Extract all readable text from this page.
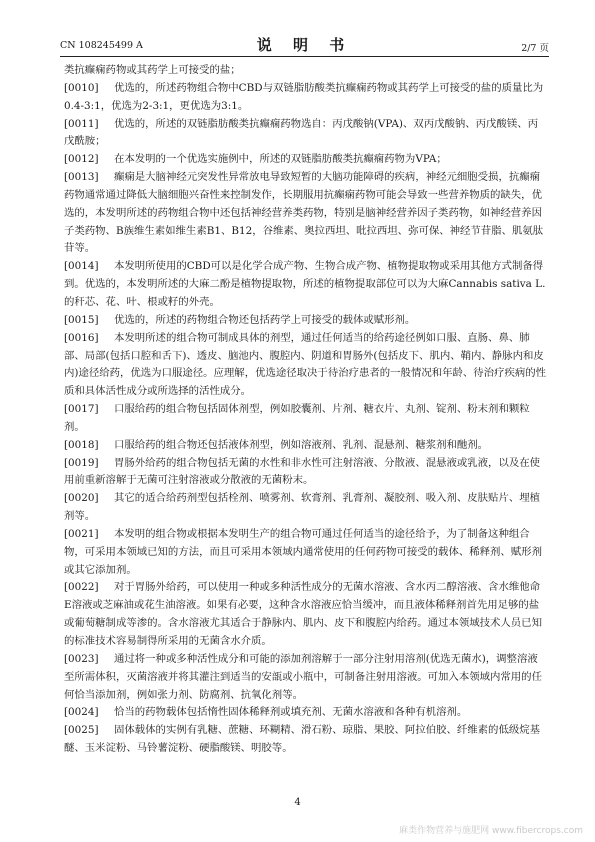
CN 108245499 A	说 明 书	2/7 页
类抗癫痫药物或其药学上可接受的盐；
[0010] 优选的，所述药物组合物中CBD与双链脂肪酸类抗癫痫药物或其药学上可接受的盐的质量比为0.4-3:1，优选为2-3:1，更优选为3:1。
[0011] 优选的，所述的双链脂肪酸类抗癫痫药物选自：丙戊酸钠(VPA)、双丙戊酸钠、丙戊酸镁、丙戊酰胺；
[0012] 在本发明的一个优选实施例中，所述的双链脂肪酸类抗癫痫药物为VPA；
[0013] 癫痫是大脑神经元突发性异常放电导致短暂的大脑功能障碍的疾病，神经元细胞受损，抗癫痫药物通常通过降低大脑细胞兴奋性来控制发作，长期服用抗癫痫药物可能会导致一些营养物质的缺失，优选的，本发明所述的药物组合物中还包括神经营养类药物，特别是脑神经营养因子类药物，如神经营养因子类药物、B族维生素如维生素B1、B12，谷维素、奥拉西坦、吡拉西坦、弥可保、神经节苷脂、肌氨肽苷等。
[0014] 本发明所使用的CBD可以是化学合成产物、生物合成产物、植物提取物或采用其他方式制备得到。优选的，本发明所述的大麻二酚是植物提取物，所述的植物提取部位可以为大麻Cannabis sativa L.的秆芯、花、叶、根或籽的外壳。
[0015] 优选的，所述的药物组合物还包括药学上可接受的载体或赋形剂。
[0016] 本发明所述的组合物可制成具体的剂型，通过任何适当的给药途径例如口服、直肠、鼻、肺部、局部(包括口腔和舌下)、透皮、脑池内、腹腔内、阴道和胃肠外(包括皮下、肌内、鞘内、静脉内和皮内)途径给药，优选为口服途径。应理解，优选途径取决于待治疗患者的一般情况和年龄、待治疗疾病的性质和具体活性成分或所选择的活性成分。
[0017] 口服给药的组合物包括固体剂型，例如胶囊剂、片剂、糖衣片、丸剂、锭剂、粉末剂和颗粒剂。
[0018] 口服给药的组合物还包括液体剂型，例如溶液剂、乳剂、混悬剂、糖浆剂和酏剂。
[0019] 胃肠外给药的组合物包括无菌的水性和非水性可注射溶液、分散液、混悬液或乳液，以及在使用前重新溶解于无菌可注射溶液或分散液的无菌粉末。
[0020] 其它的适合给药剂型包括栓剂、喷雾剂、软膏剂、乳膏剂、凝胶剂、吸入剂、皮肤贴片、埋植剂等。
[0021] 本发明的组合物或根据本发明生产的组合物可通过任何适当的途径给予，为了制备这种组合物，可采用本领域已知的方法，而且可采用本领域内通常使用的任何药物可接受的载体、稀释剂、赋形剂或其它添加剂。
[0022] 对于胃肠外给药，可以使用一种或多种活性成分的无菌水溶液、含水丙二醇溶液、含水维他命E溶液或芝麻油或花生油溶液。如果有必要，这种含水溶液应恰当缓冲，而且液体稀释剂首先用足够的盐或葡萄糖制成等渗的。含水溶液尤其适合于静脉内、肌内、皮下和腹腔内给药。通过本领域技术人员已知的标准技术容易制得所采用的无菌含水介质。
[0023] 通过将一种或多种活性成分和可能的添加剂溶解于一部分注射用溶剂(优选无菌水)，调整溶液至所需体积，灭菌溶液并将其灌注到适当的安瓿或小瓶中，可制备注射用溶液。可加入本领域内常用的任何恰当添加剂，例如张力剂、防腐剂、抗氧化剂等。
[0024] 恰当的药物载体包括惰性固体稀释剂或填充剂、无菌水溶液和各种有机溶剂。
[0025] 固体载体的实例有乳糖、蔗糖、环糊精、滑石粉、琼脂、果胶、阿拉伯胶、纤维素的低级烷基醚、玉米淀粉、马铃薯淀粉、硬脂酸镁、明胶等。
4
麻类作物营养与施肥网 www.fibercrops.com
